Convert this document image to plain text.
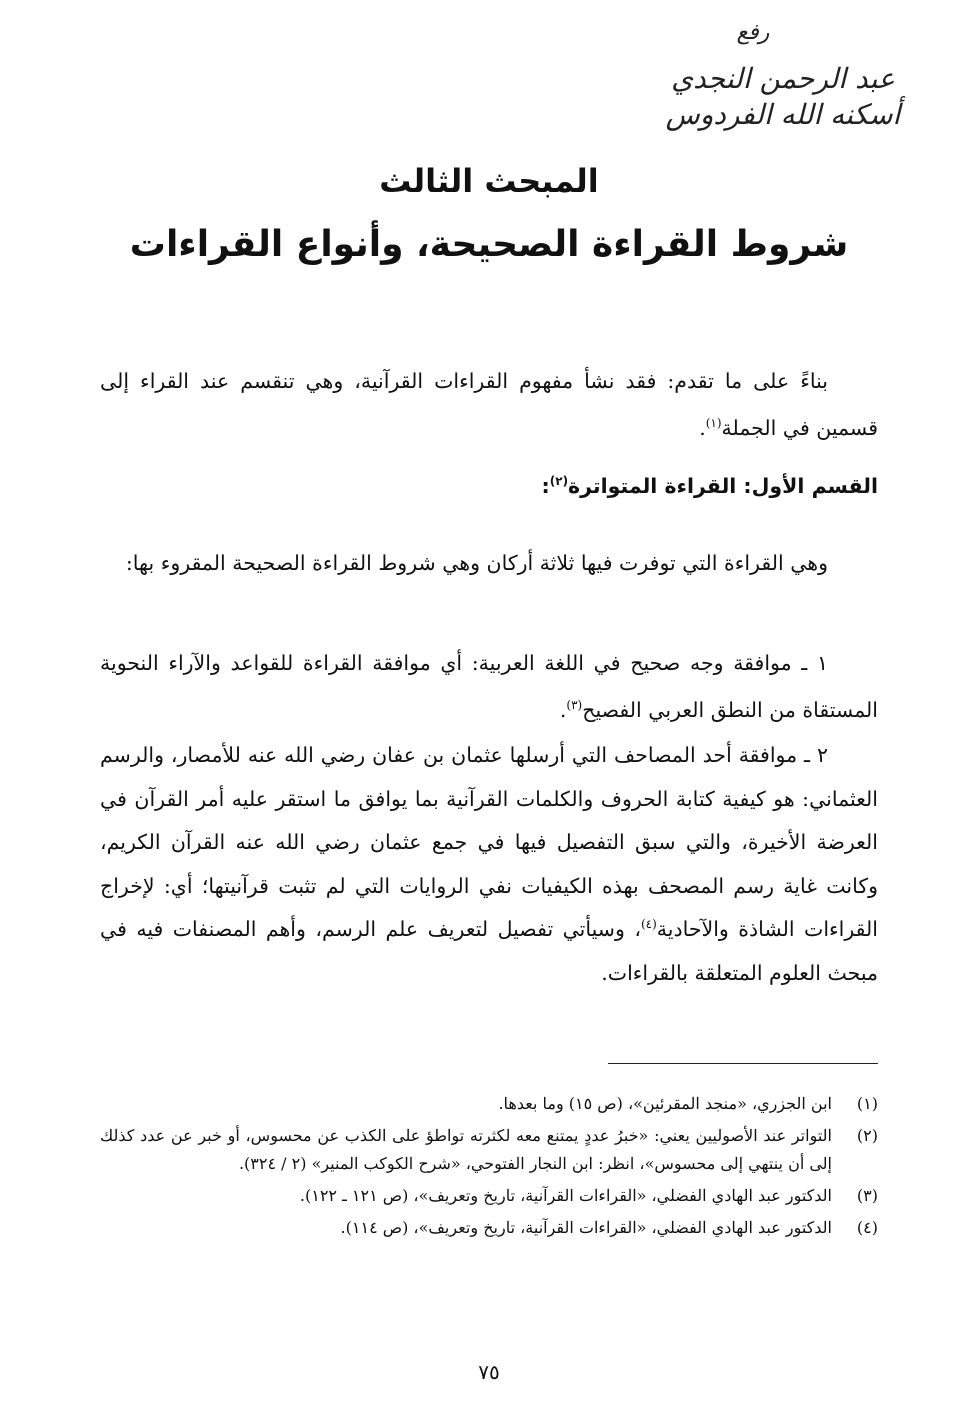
رفع
عبد الرحمن النجدي
أسكنه الله الفردوس
المبحث الثالث
شروط القراءة الصحيحة، وأنواع القراءات

بناءً على ما تقدم: فقد نشأ مفهوم القراءات القرآنية، وهي تنقسم عند القراء إلى قسمين في الجملة$^{(١)}$.

القسم الأول: القراءة المتواترة$^{(٢)}$:

وهي القراءة التي توفرت فيها ثلاثة أركان وهي شروط القراءة الصحيحة المقروء بها:

١ ـ موافقة وجه صحيح في اللغة العربية: أي موافقة القراءة للقواعد والآراء النحوية المستقاة من النطق العربي الفصيح$^{(٣)}$.

٢ ـ موافقة أحد المصاحف التي أرسلها عثمان بن عفان رضي الله عنه للأمصار، والرسم العثماني: هو كيفية كتابة الحروف والكلمات القرآنية بما يوافق ما استقر عليه أمر القرآن في العرضة الأخيرة، والتي سبق التفصيل فيها في جمع عثمان رضي الله عنه القرآن الكريم، وكانت غاية رسم المصحف بهذه الكيفيات نفي الروايات التي لم تثبت قرآنيتها؛ أي: لإخراج القراءات الشاذة والآحادية$^{(٤)}$، وسيأتي تفصيل لتعريف علم الرسم، وأهم المصنفات فيه في مبحث العلوم المتعلقة بالقراءات.

(١)
ابن الجزري، «منجد المقرئين»، (ص ١٥) وما بعدها.
(٢)
التواتر عند الأصوليين يعني: «خبرُ عددٍ يمتنع معه لكثرته تواطؤ على الكذب عن محسوس، أو خبر عن عدد كذلك إلى أن ينتهي إلى محسوس»، انظر: ابن النجار الفتوحي، «شرح الكوكب المنير» (٢ / ٣٢٤).
(٣)
الدكتور عبد الهادي الفضلي، «القراءات القرآنية، تاريخ وتعريف»، (ص ١٢١ ـ ١٢٢).
(٤)
الدكتور عبد الهادي الفضلي، «القراءات القرآنية، تاريخ وتعريف»، (ص ١١٤).

٧٥
